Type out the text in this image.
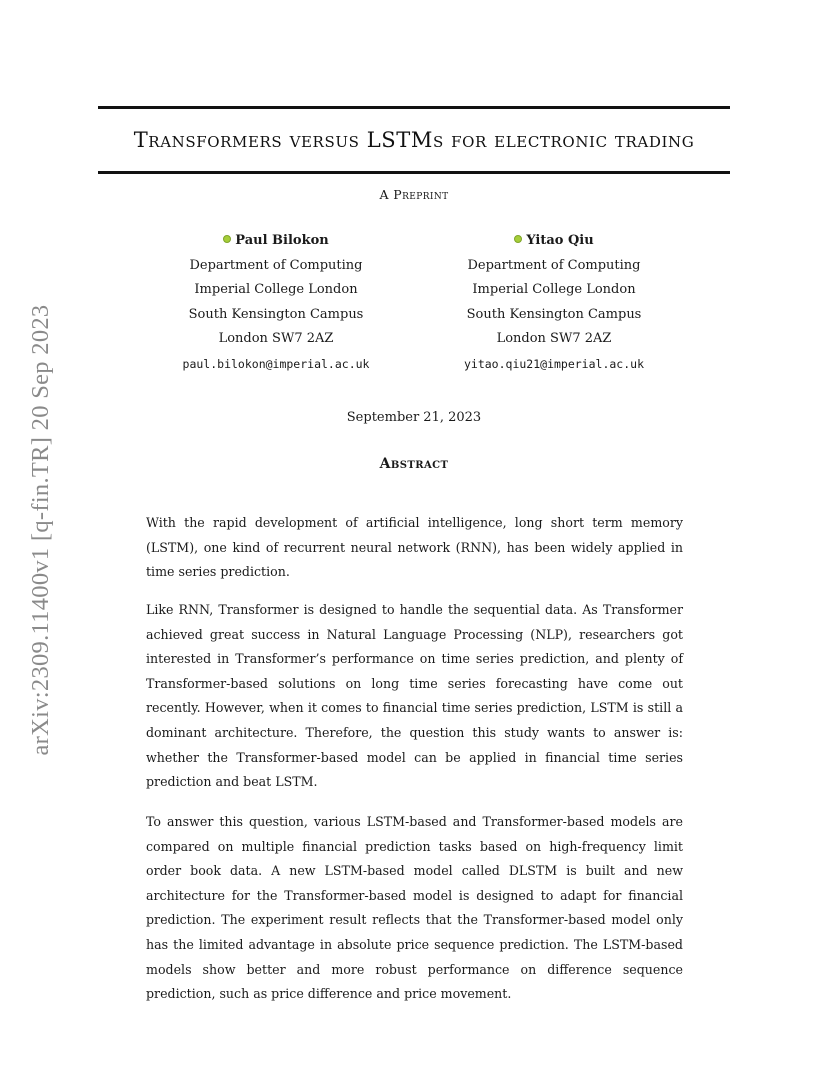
Transformers versus LSTMs for electronic trading
A Preprint
Paul Bilokon
Department of Computing
Imperial College London
South Kensington Campus
London SW7 2AZ
paul.bilokon@imperial.ac.uk
Yitao Qiu
Department of Computing
Imperial College London
South Kensington Campus
London SW7 2AZ
yitao.qiu21@imperial.ac.uk
September 21, 2023
Abstract

With the rapid development of artificial intelligence, long short term memory (LSTM), one kind of recurrent neural network (RNN), has been widely applied in time series prediction.

Like RNN, Transformer is designed to handle the sequential data. As Transformer achieved great success in Natural Language Processing (NLP), researchers got interested in Transformer’s performance on time series prediction, and plenty of Transformer-based solutions on long time series forecasting have come out recently. However, when it comes to financial time series prediction, LSTM is still a dominant architecture. Therefore, the question this study wants to answer is: whether the Transformer-based model can be applied in financial time series prediction and beat LSTM.

To answer this question, various LSTM-based and Transformer-based models are compared on multiple financial prediction tasks based on high-frequency limit order book data. A new LSTM-based model called DLSTM is built and new architecture for the Transformer-based model is designed to adapt for financial prediction. The experiment result reflects that the Transformer-based model only has the limited advantage in absolute price sequence prediction. The LSTM-based models show better and more robust performance on difference sequence prediction, such as price difference and price movement.

arXiv:2309.11400v1 [q-fin.TR] 20 Sep 2023
